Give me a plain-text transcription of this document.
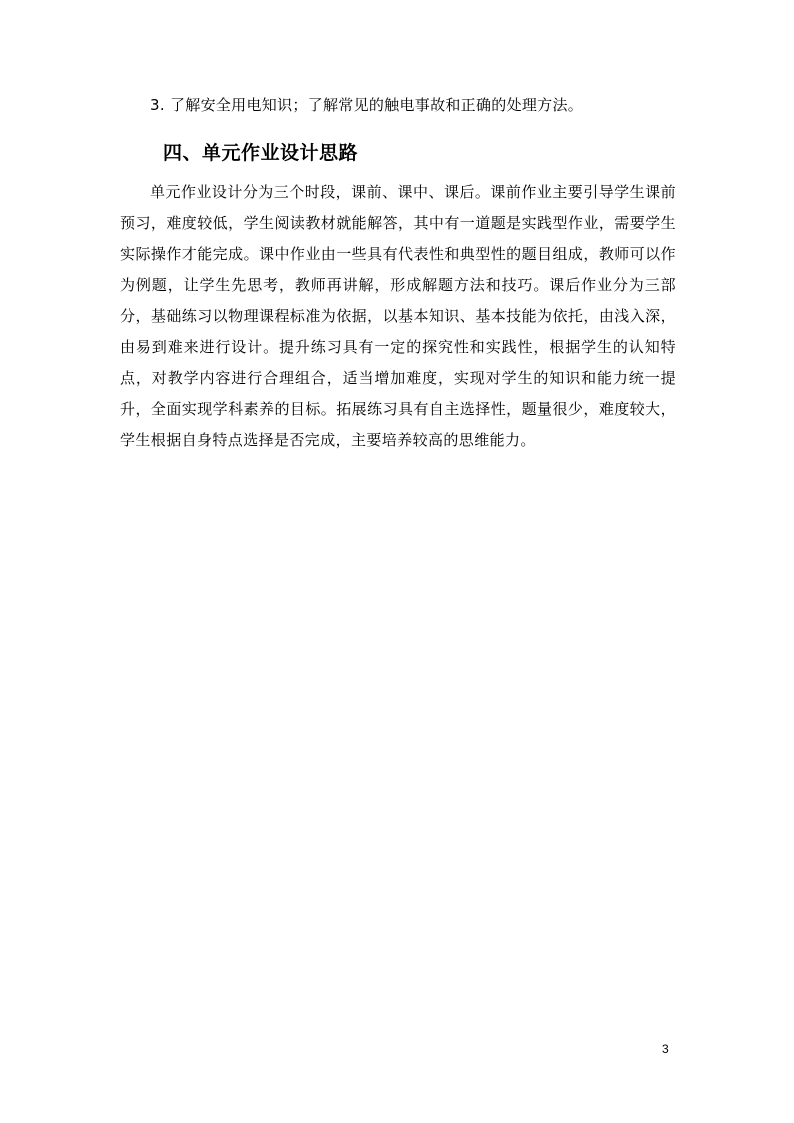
3. 了解安全用电知识；了解常见的触电事故和正确的处理方法。
四、单元作业设计思路

单元作业设计分为三个时段，课前、课中、课后。课前作业主要引导学生课前预习，难度较低，学生阅读教材就能解答，其中有一道题是实践型作业，需要学生实际操作才能完成。课中作业由一些具有代表性和典型性的题目组成，教师可以作为例题，让学生先思考，教师再讲解，形成解题方法和技巧。课后作业分为三部分，基础练习以物理课程标准为依据，以基本知识、基本技能为依托，由浅入深，由易到难来进行设计。提升练习具有一定的探究性和实践性，根据学生的认知特点，对教学内容进行合理组合，适当增加难度，实现对学生的知识和能力统一提升，全面实现学科素养的目标。拓展练习具有自主选择性，题量很少，难度较大，学生根据自身特点选择是否完成，主要培养较高的思维能力。

3
